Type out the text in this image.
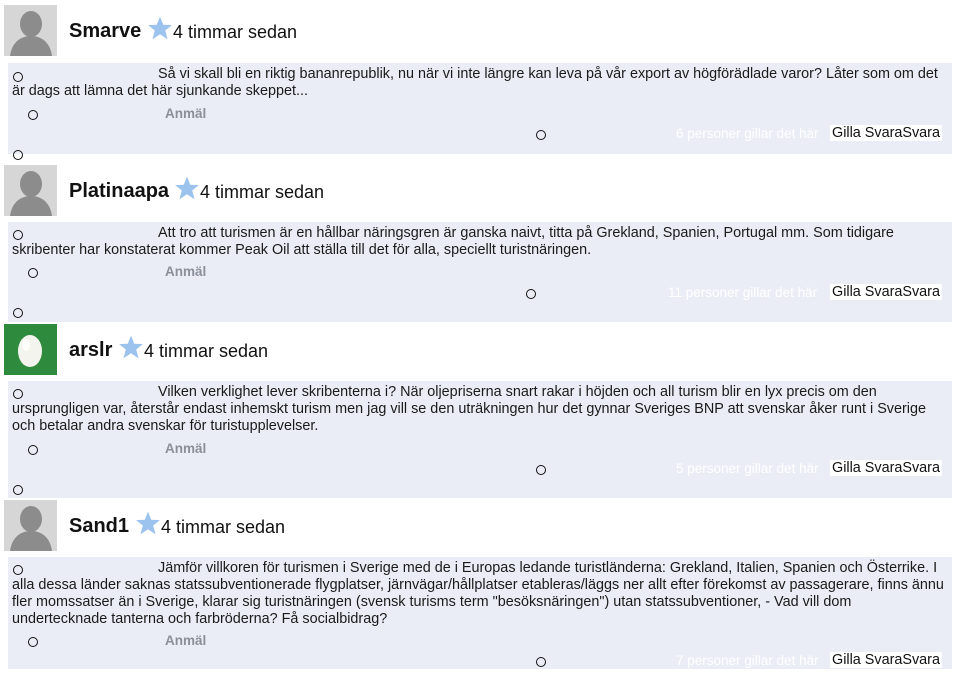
Smarve 4 timmar sedan
Så vi skall bli en riktig bananrepublik, nu när vi inte längre kan leva på vår export av högförädlade varor? Låter som om det är dags att lämna det här sjunkande skeppet...
Anmäl
6 personer gillar det här Gilla SvaraSvara
Platinaapa 4 timmar sedan
Att tro att turismen är en hållbar näringsgren är ganska naivt, titta på Grekland, Spanien, Portugal mm. Som tidigare skribenter har konstaterat kommer Peak Oil att ställa till det för alla, speciellt turistnäringen.
Anmäl
11 personer gillar det här Gilla SvaraSvara
arslr 4 timmar sedan
Vilken verklighet lever skribenterna i? När oljepriserna snart rakar i höjden och all turism blir en lyx precis om den ursprungligen var, återstår endast inhemskt turism men jag vill se den uträkningen hur det gynnar Sveriges BNP att svenskar åker runt i Sverige och betalar andra svenskar för turistupplevelser.
Anmäl
5 personer gillar det här Gilla SvaraSvara
Sand1 4 timmar sedan
Jämför villkoren för turismen i Sverige med de i Europas ledande turistländerna: Grekland, Italien, Spanien och Österrike. I alla dessa länder saknas statssubventionerade flygplatser, järnvägar/hållplatser etableras/läggs ner allt efter förekomst av passagerare, finns ännu fler momssatser än i Sverige, klarar sig turistnäringen (svensk turisms term "besöksnäringen") utan statssubventioner, - Vad vill dom undertecknade tanterna och farbröderna? Få socialbidrag?
Anmäl
7 personer gillar det här Gilla SvaraSvara
